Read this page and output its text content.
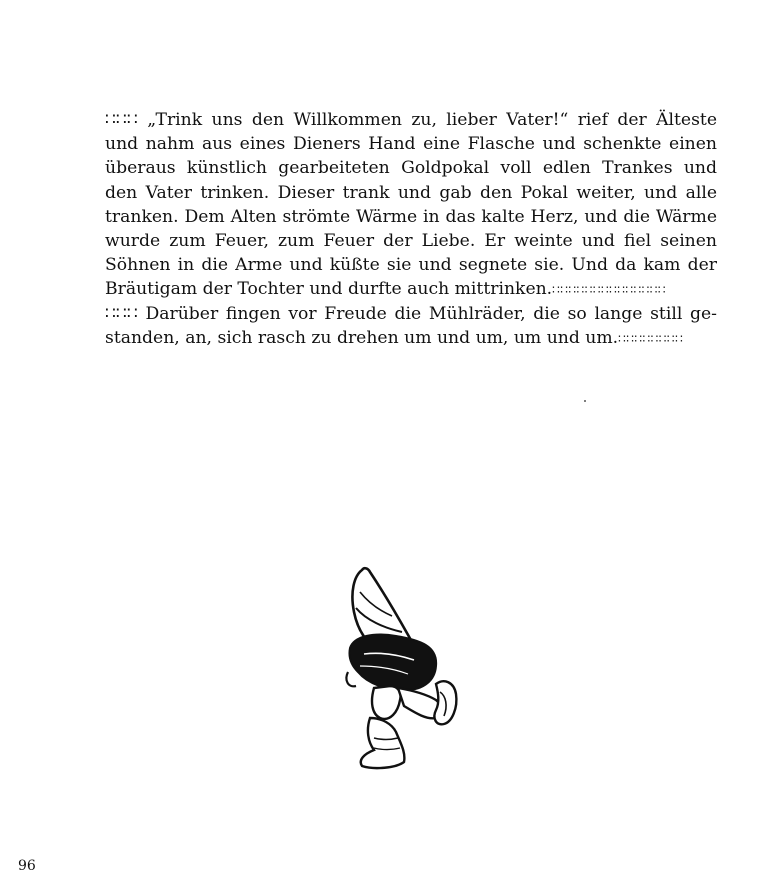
∷∷∷ „Trink uns den Willkommen zu, lieber Vater!“ rief der Älteste
und nahm aus eines Dieners Hand eine Flasche und schenkte einen
überaus künstlich gearbeiteten Goldpokal voll edlen Trankes und
den Vater trinken. Dieser trank und gab den Pokal weiter, und alle
tranken. Dem Alten strömte Wärme in das kalte Herz, und die Wärme
wurde zum Feuer, zum Feuer der Liebe. Er weinte und fiel seinen
Söhnen in die Arme und küßte sie und segnete sie. Und da kam der
Bräutigam der Tochter und durfte auch mittrinken.∷∷∷∷∷∷∷∷∷∷∷∷∷∷
∷∷∷ Darüber fingen vor Freude die Mühlräder, die so lange still ge-
standen, an, sich rasch zu drehen um und um, um und um.∷∷∷∷∷∷∷∷
96
